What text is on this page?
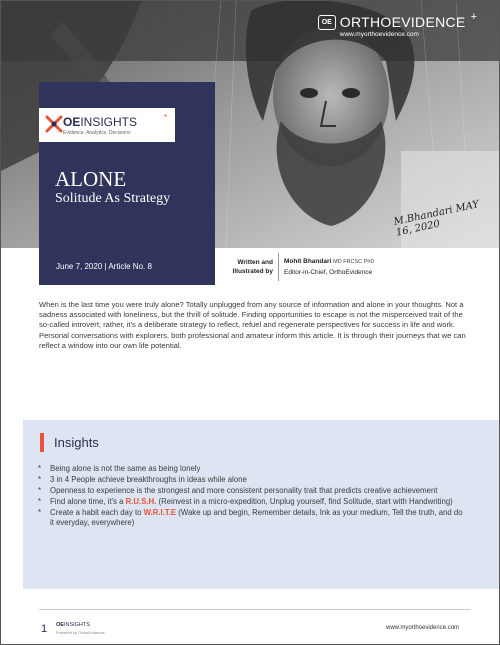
OE ORTHOEVIDENCE +
www.myorthoevidence.com
OEINSIGHTS	*
Evidence. Analytics. Decisions
ALONE
Solitude As Strategy
M.Bhandari MAY 16, 2020
June 7, 2020 | Article No. 8	Written and Illustrated by
Mohit Bhandari MD FRCSC PhD
Editor-in-Chief, OrthoEvidence

When is the last time you were truly alone? Totally unplugged from any source of information and alone in your thoughts. Not a sadness associated with loneliness, but the thrill of solitude. Finding opportunities to escape is not the misperceived trait of the so-called introvert; rather, it's a deliberate strategy to reflect, refuel and regenerate perspectives for success in life and work.

Personal conversations with explorers, both professional and amateur inform this article. It is through their journeys that we can reflect a window into our own life potential.

Insights
* Being alone is not the same as being lonely
* 3 in 4 People achieve breakthroughs in ideas while alone
* Openness to experience is the strongest and more consistent personality trait that predicts creative achievement
* Find alone time, it's a R.U.S.H. (Reinvest in a micro-expedition, Unplug yourself, find Solitude, start with Handwriting)
* Create a habit each day to W.R.I.T.E (Wake up and begin, Remember details, Ink as your medium, Tell the truth, and do it everyday, everywhere)
1 OEINSIGHTS
Powered by OrthoEvidence
www.myorthoevidence.com
